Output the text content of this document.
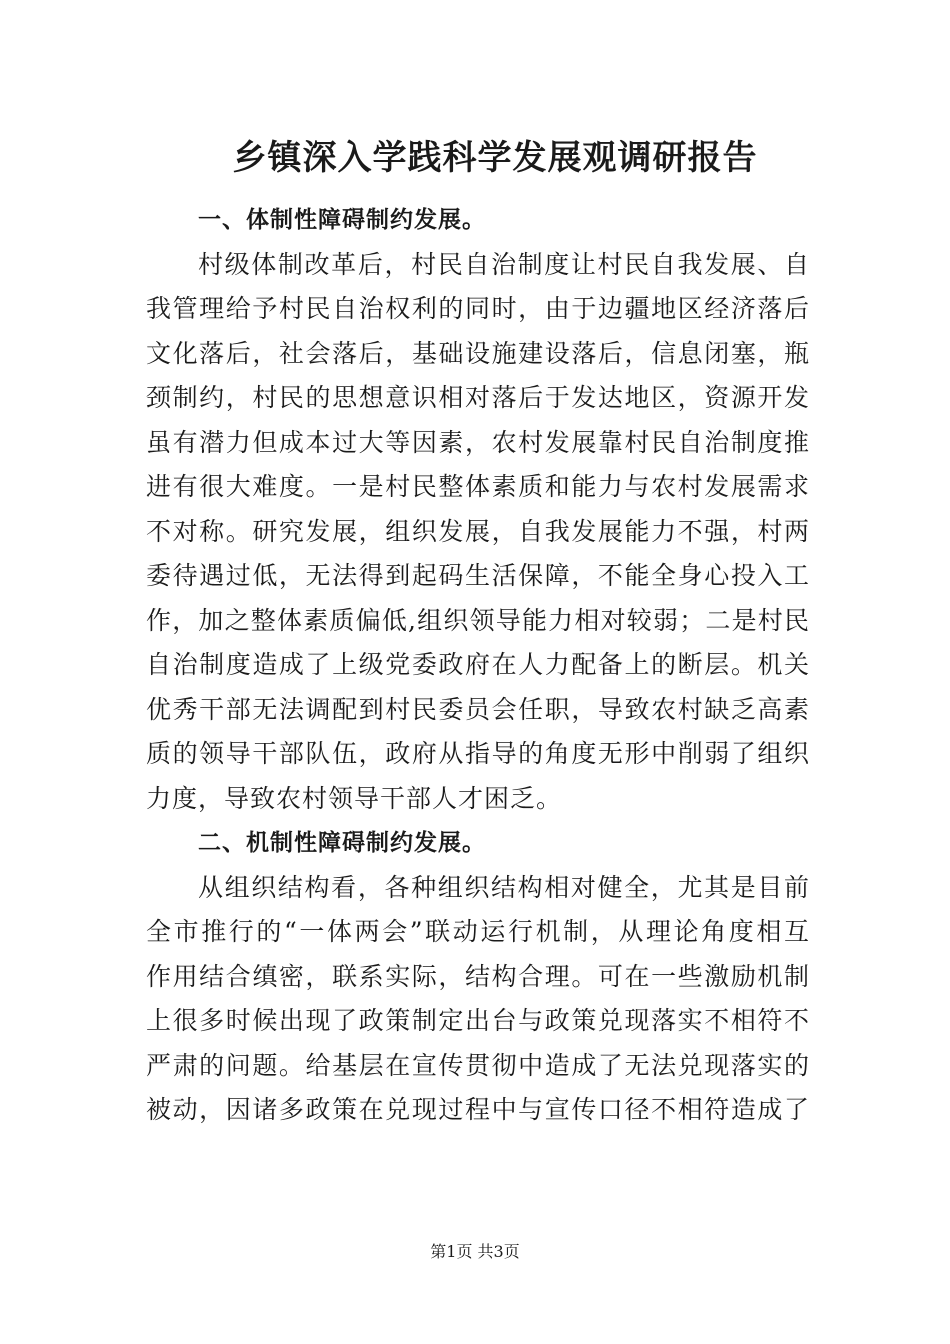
乡镇深入学践科学发展观调研报告
一、体制性障碍制约发展。
村级体制改革后，村民自治制度让村民自我发展、自
我管理给予村民自治权利的同时，由于边疆地区经济落后
文化落后，社会落后，基础设施建设落后，信息闭塞，瓶
颈制约，村民的思想意识相对落后于发达地区，资源开发
虽有潜力但成本过大等因素，农村发展靠村民自治制度推
进有很大难度。一是村民整体素质和能力与农村发展需求
不对称。研究发展，组织发展，自我发展能力不强，村两
委待遇过低，无法得到起码生活保障，不能全身心投入工
作，加之整体素质偏低,组织领导能力相对较弱；二是村民
自治制度造成了上级党委政府在人力配备上的断层。机关
优秀干部无法调配到村民委员会任职，导致农村缺乏高素
质的领导干部队伍，政府从指导的角度无形中削弱了组织
力度，导致农村领导干部人才困乏。
二、机制性障碍制约发展。
从组织结构看，各种组织结构相对健全，尤其是目前
全市推行的“一体两会”联动运行机制，从理论角度相互
作用结合缜密，联系实际，结构合理。可在一些激励机制
上很多时候出现了政策制定出台与政策兑现落实不相符不
严肃的问题。给基层在宣传贯彻中造成了无法兑现落实的
被动，因诸多政策在兑现过程中与宣传口径不相符造成了
第1页 共3页
